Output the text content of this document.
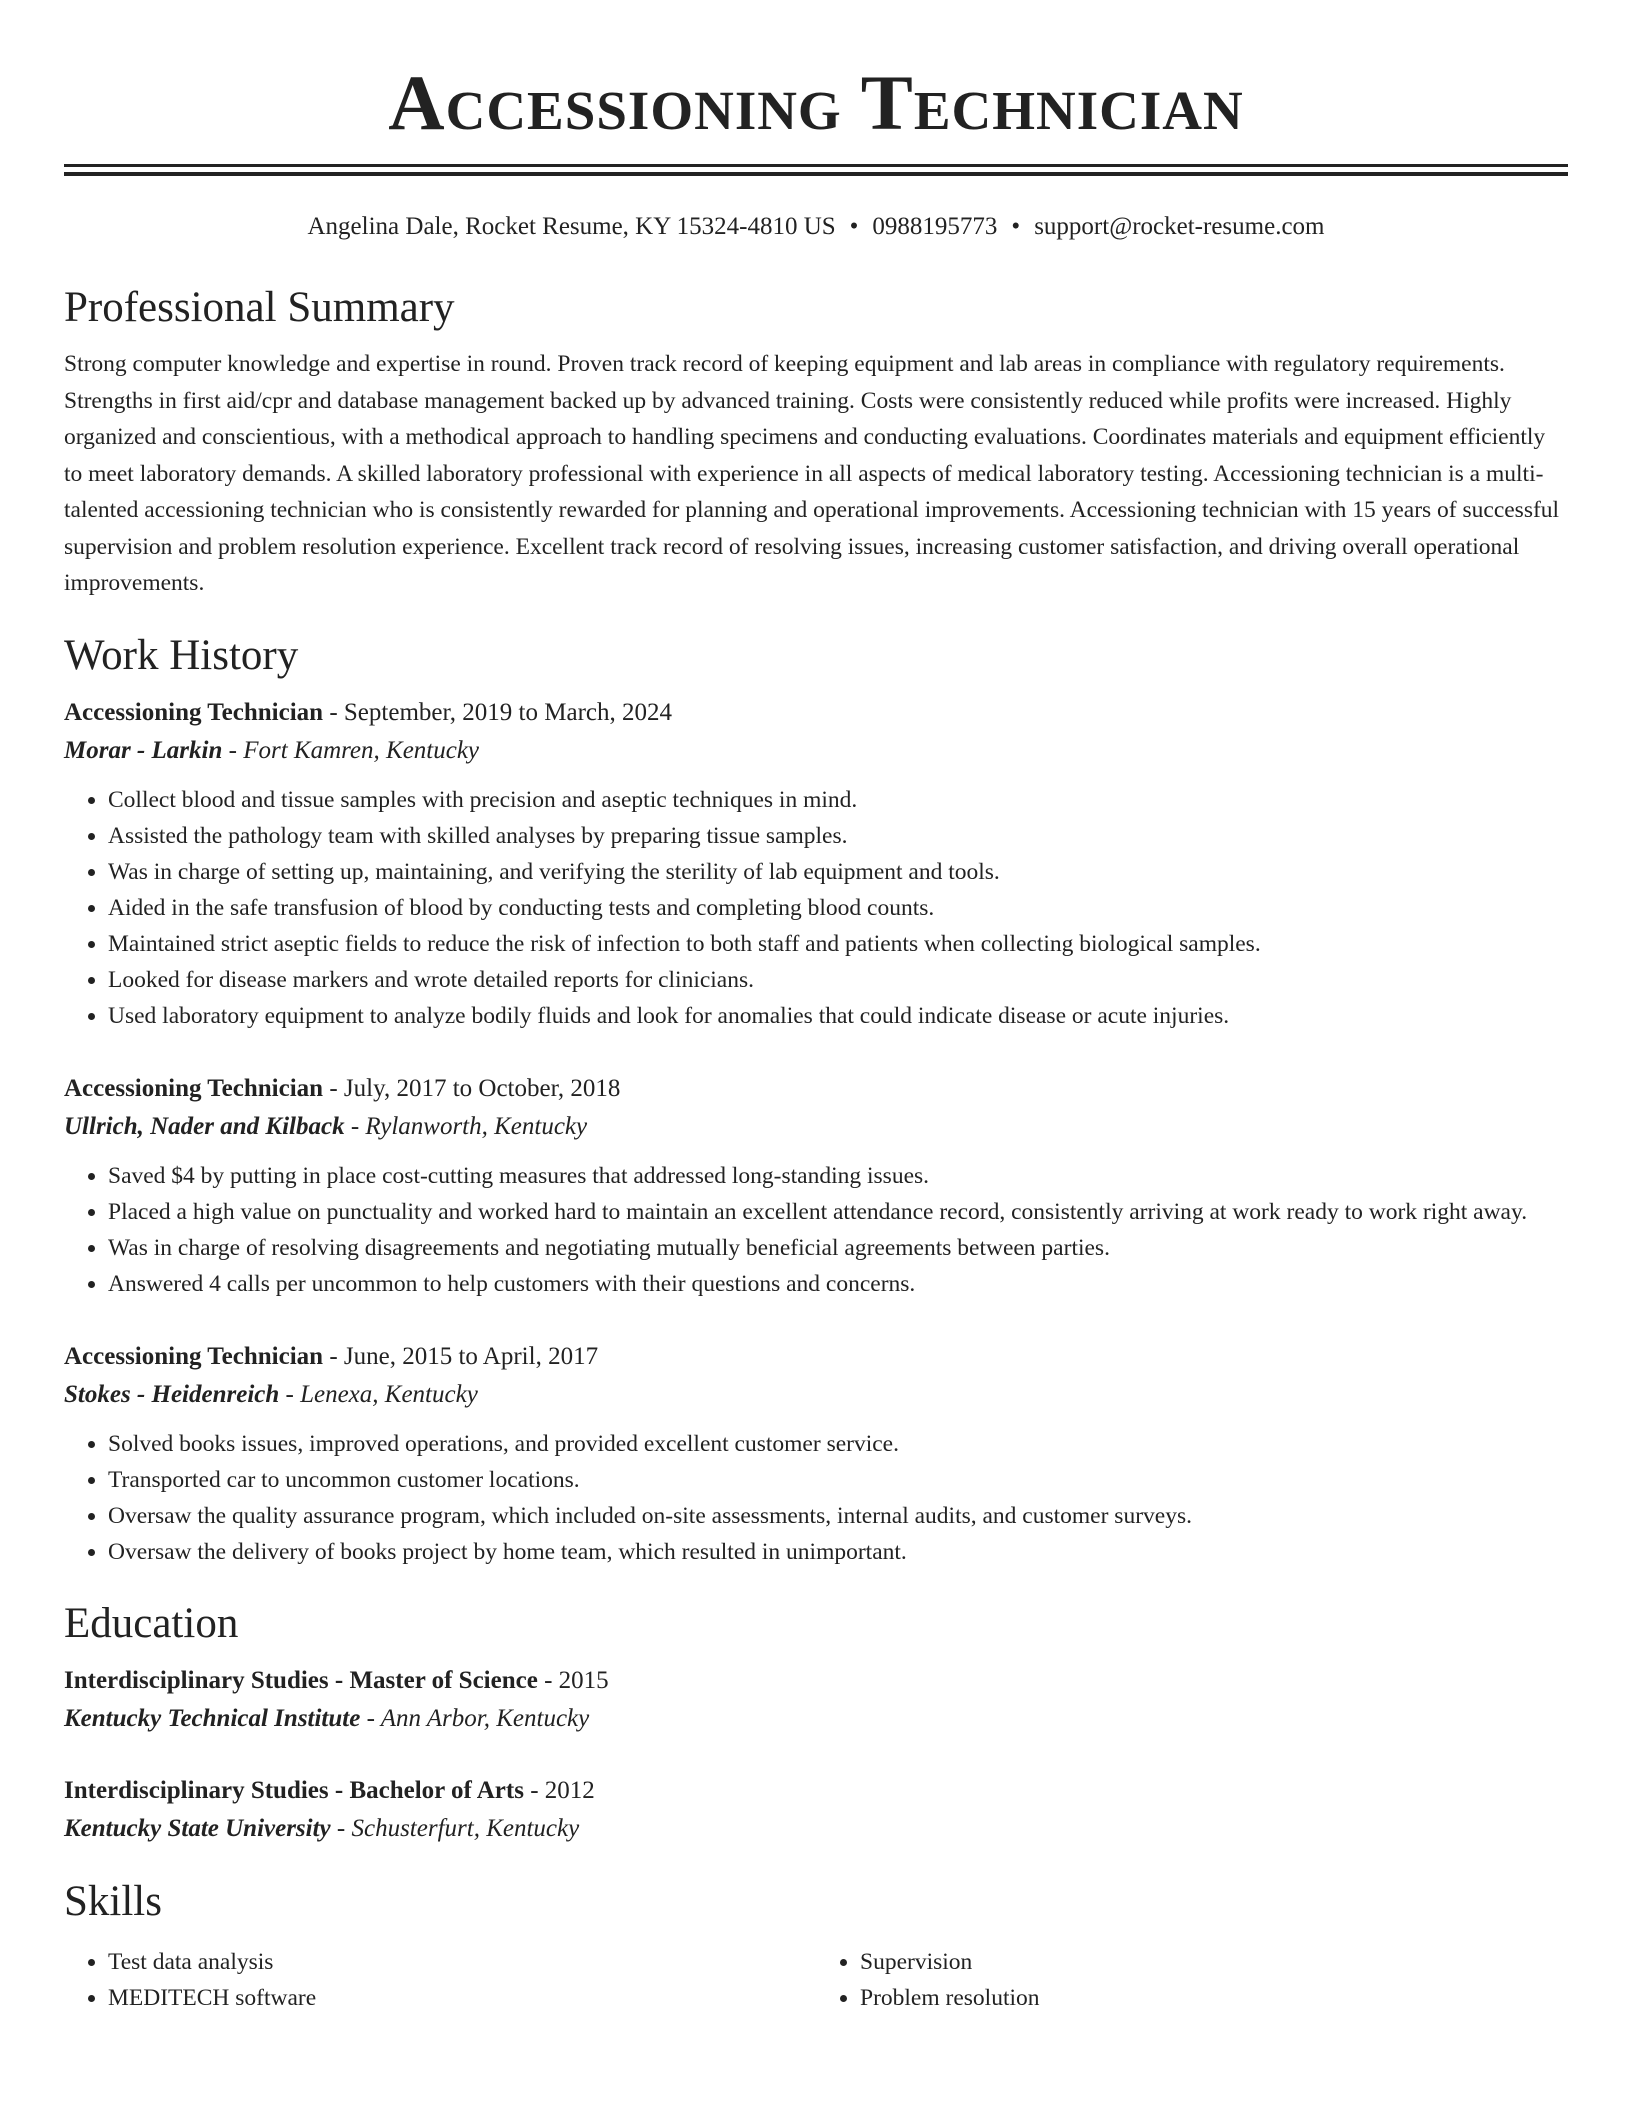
Accessioning Technician
Angelina Dale, Rocket Resume, KY 15324-4810 US • 0988195773 • support@rocket-resume.com
Professional Summary

Strong computer knowledge and expertise in round. Proven track record of keeping equipment and lab areas in compliance with regulatory requirements. Strengths in first aid/cpr and database management backed up by advanced training. Costs were consistently reduced while profits were increased. Highly organized and conscientious, with a methodical approach to handling specimens and conducting evaluations. Coordinates materials and equipment efficiently to meet laboratory demands. A skilled laboratory professional with experience in all aspects of medical laboratory testing. Accessioning technician is a multi-talented accessioning technician who is consistently rewarded for planning and operational improvements. Accessioning technician with 15 years of successful supervision and problem resolution experience. Excellent track record of resolving issues, increasing customer satisfaction, and driving overall operational improvements.

Work History
Accessioning Technician - September, 2019 to March, 2024
Morar - Larkin - Fort Kamren, Kentucky
• Collect blood and tissue samples with precision and aseptic techniques in mind.
• Assisted the pathology team with skilled analyses by preparing tissue samples.
• Was in charge of setting up, maintaining, and verifying the sterility of lab equipment and tools.
• Aided in the safe transfusion of blood by conducting tests and completing blood counts.
• Maintained strict aseptic fields to reduce the risk of infection to both staff and patients when collecting biological samples.
• Looked for disease markers and wrote detailed reports for clinicians.
• Used laboratory equipment to analyze bodily fluids and look for anomalies that could indicate disease or acute injuries.
Accessioning Technician - July, 2017 to October, 2018
Ullrich, Nader and Kilback - Rylanworth, Kentucky
• Saved $4 by putting in place cost-cutting measures that addressed long-standing issues.
• Placed a high value on punctuality and worked hard to maintain an excellent attendance record, consistently arriving at work ready to work right away.
• Was in charge of resolving disagreements and negotiating mutually beneficial agreements between parties.
• Answered 4 calls per uncommon to help customers with their questions and concerns.
Accessioning Technician - June, 2015 to April, 2017
Stokes - Heidenreich - Lenexa, Kentucky
• Solved books issues, improved operations, and provided excellent customer service.
• Transported car to uncommon customer locations.
• Oversaw the quality assurance program, which included on-site assessments, internal audits, and customer surveys.
• Oversaw the delivery of books project by home team, which resulted in unimportant.
Education
Interdisciplinary Studies - Master of Science - 2015
Kentucky Technical Institute - Ann Arbor, Kentucky
Interdisciplinary Studies - Bachelor of Arts - 2012
Kentucky State University - Schusterfurt, Kentucky
Skills
• Test data analysis
• MEDITECH software
• Supervision
• Problem resolution
